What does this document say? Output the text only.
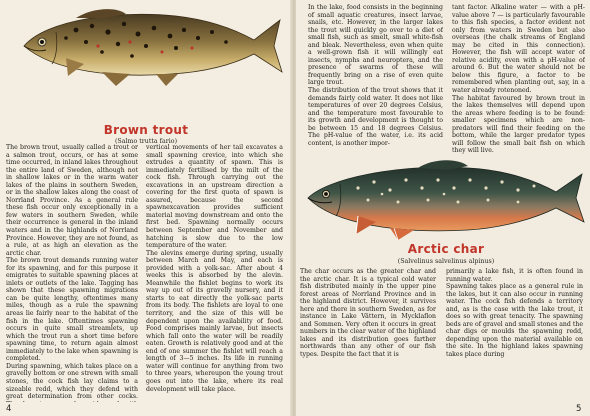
Brown trout
(Salmo trutta fario)

The brown trout, usually called a trout or a salmon trout, occurs, or has at some time occurred, in inland lakes throughout the entire land of Sweden, although not in shallow lakes or in the warm water lakes of the plains in southern Sweden, or in the shallow lakes along the coast of Norrland Province. As a general rule these fish occur only exceptionally in a few waters in southern Sweden, while their occurrence is general in the inland waters and in the highlands of Norrland Province. However, they are not found, as a rule, at as high an elevation as the arctic char.
The brown trout demands running water for its spawning, and for this purpose it emigrates to suitable spawning places at inlets or outlets of the lake. Tagging has shown that these spawning migrations can be quite lengthy, oftentimes many miles, though as a rule the spawning areas lie fairly near to the habitat of the fish in the lake. Oftentimes spawning occurs in quite small streamlets, up which the trout run a short time before spawning time, to return again almost immediately to the lake when spawning is completed.
During spawning, which takes place on a gravelly bottom or one strewn with small stones, the cock fish lay claims to a sizeable redd, which they defend with great determination from other cocks.

vertical movements of her tail excavates a small spawning crevice, into which she extrudes a quantity of spawn. This is immediately fertilised by the milt of the cock fish. Through carrying out the excavations in an upstream direction a covering for the first quota of spawn is assured, because the second spawnexcavation provides sufficient material moving downstream and onto the first bed. Spawning normally occurs between September and November and hatching is slow due to the low temperature of the water.
The alevins emerge during spring, usually between March and May, and each is provided with a yolk-sac. After about 4 weeks this is absorbed by the alevin. Meanwhile the fishlet begins to work its way up out of its gravelly nursery, and it starts to eat directly the yolk-sac parts from its body. The fishlets are loyal to one territory, and the size of this will be dependent upon the availability of food. Food comprises mainly larvae, but insects which fall onto the water will be readily eaten. Growth is relatively good and at the end of one summer the fishlet will reach a length of 3—5 inches. Its life in running water will continue for anything from two to three years, whereupon the young trout goes out into the lake, where its real development will take place.

4

In the lake, food consists in the beginning of small aquatic creatures, insect larvae, snails, etc. However, in the larger lakes the trout will quickly go over to a diet of small fish, such as smelt, small white-fish and bleak. Nevertheless, even when quite a well-grown fish it will willingly eat insects, nymphs and neuroptera, and the presence of swarms of these will frequently bring on a rise of even quite large trout.
The distribution of the trout shows that it demands fairly cold water. It does not like temperatures of over 20 degrees Celsius, and the temperature most favourable to its growth and development is thought to be between 15 and 18 degrees Celsius. The pH-value of the water, i.e. its acid content, is another impor-

tant factor. Alkaline water — with a pH-value above 7 — is particularly favourable to this fish species, a factor evident not only from waters in Sweden but also overseas (the chalk streams of England may be cited in this connection). However, the fish will accept water of relative acidity, even with a pH-value of around 6. But the water should not be below this figure, a factor to be remembered when planting out, say, in a water already rotenoned.
The habitat favoured by brown trout in the lakes themselves will depend upon the areas where feeding is to be found: smaller specimens which are non-predators will find their feeding on the bottom, while the larger predator types will follow the small bait fish on which they will live.

Arctic char
(Salvelinus salvelinus alpinus)

The char occurs as the greater char and the arctic char. It is a typical cold water fish distributed mainly in the upper pine forest areas of Norrland Province and in the highland district. However, it survives here and there in southern Sweden, as for instance in Lake Vättern, in Mycklaflon and Sommen. Very often it occurs in great numbers in the clear water of the highland lakes and its distribution goes farther northwards than any other of our fish types. Despite the fact that it is

primarily a lake fish, it is often found in running water.
Spawning takes place as a general rule in the lakes, but it can also occur in running water. The cock fish defends a territory and, as is the case with the lake trout, it does so with great tenacity. The spawning beds are of gravel and small stones and the char digs or moulds the spawning redd, depending upon the material available on the site. In the highland lakes spawning takes place during

5
